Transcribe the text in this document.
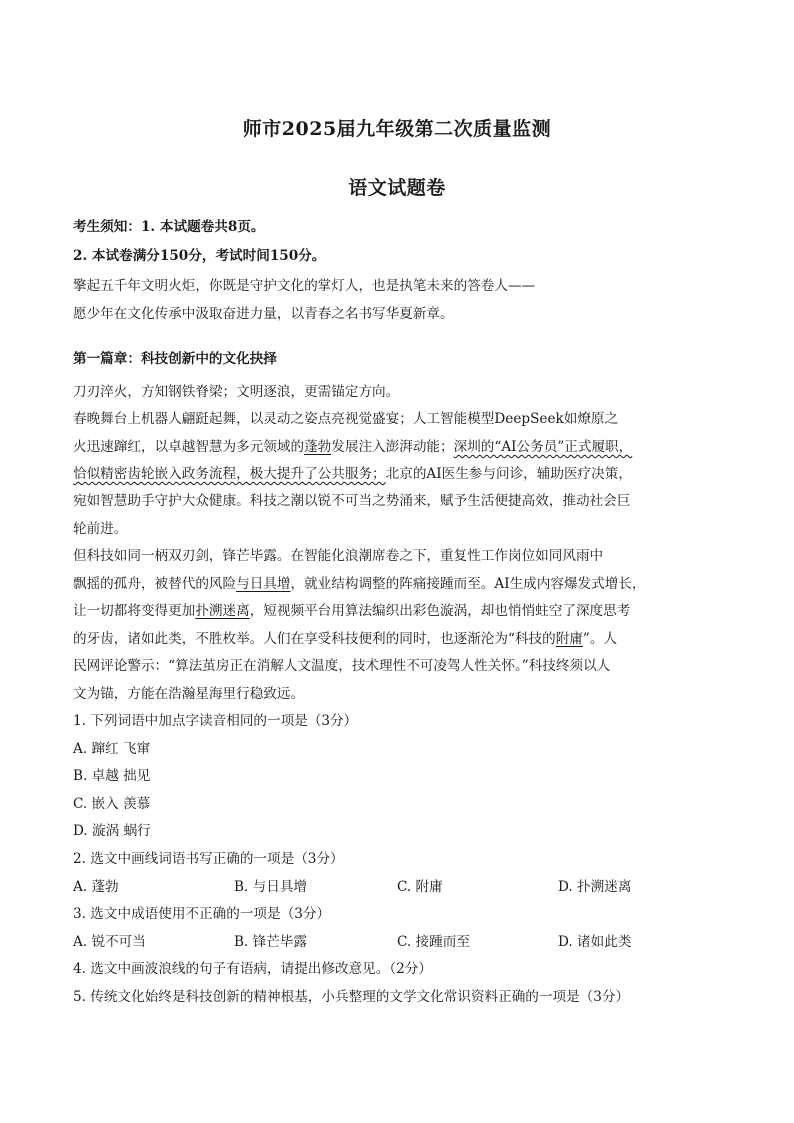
师市2025届九年级第二次质量监测
语文试题卷
考生须知：1. 本试题卷共8页。
2. 本试卷满分150分，考试时间150分。
擎起五千年文明火炬，你既是守护文化的掌灯人，也是执笔未来的答卷人——
愿少年在文化传承中汲取奋进力量，以青春之名书写华夏新章。
第一篇章：科技创新中的文化抉择
刀刃淬火，方知钢铁脊梁；文明逐浪，更需锚定方向。
春晚舞台上机器人翩跹起舞，以灵动之姿点亮视觉盛宴；人工智能模型DeepSeek如燎原之
火迅速蹿红，以卓越智慧为多元领域的蓬勃发展注入澎湃动能；深圳的“AI公务员”正式履职，
恰似精密齿轮嵌入政务流程，极大提升了公共服务；北京的AI医生参与问诊，辅助医疗决策，
宛如智慧助手守护大众健康。科技之潮以锐不可当之势涌来，赋予生活便捷高效，推动社会巨
轮前进。
但科技如同一柄双刃剑，锋芒毕露。在智能化浪潮席卷之下，重复性工作岗位如同风雨中
飘摇的孤舟，被替代的风险与日具增，就业结构调整的阵痛接踵而至。AI生成内容爆发式增长，
让一切都将变得更加扑溯迷离，短视频平台用算法编织出彩色漩涡，却也悄悄蛀空了深度思考
的牙齿，诸如此类，不胜枚举。人们在享受科技便利的同时，也逐渐沦为“科技的附庸”。人
民网评论警示：“算法茧房正在消解人文温度，技术理性不可凌驾人性关怀。”科技终须以人
文为锚，方能在浩瀚星海里行稳致远。
1. 下列词语中加点字读音相同的一项是（3分）
A. 蹿红 飞窜
B. 卓越 拙见
C. 嵌入 羡慕
D. 漩涡 蜗行
2. 选文中画线词语书写正确的一项是（3分）
A. 蓬勃	B. 与日具增	C. 附庸	D. 扑溯迷离
3. 选文中成语使用不正确的一项是（3分）
A. 锐不可当	B. 锋芒毕露	C. 接踵而至	D. 诸如此类
4. 选文中画波浪线的句子有语病，请提出修改意见。（2分）
5. 传统文化始终是科技创新的精神根基，小兵整理的文学文化常识资料正确的一项是（3分）
